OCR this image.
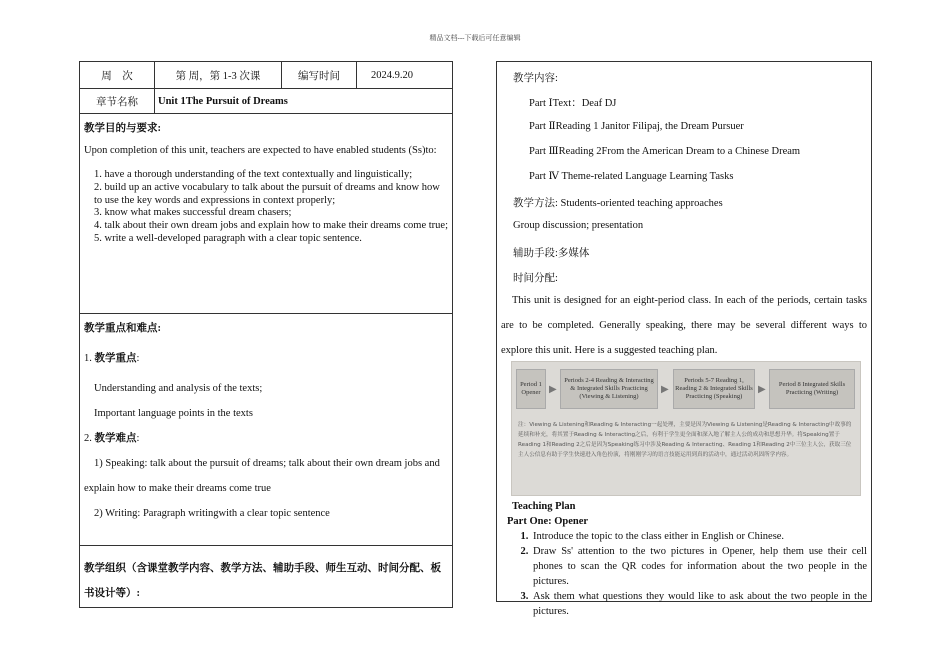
精品文档---下载后可任意编辑
周　次	第 周，第 1-3 次课	编写时间	2024.9.20
章节名称	Unit 1The Pursuit of Dreams
教学目的与要求:
Upon completion of this unit, teachers are expected to have enabled students (Ss)to:
1. have a thorough understanding of the text contextually and linguistically;
2. build up an active vocabulary to talk about the pursuit of dreams and know how to use the key words and expressions in context properly;
3. know what makes successful dream chasers;
4. talk about their own dream jobs and explain how to make their dreams come true;
5. write a well-developed paragraph with a clear topic sentence.
教学重点和难点:
1. 教学重点:
Understanding and analysis of the texts;
Important language points in the texts
2. 教学难点:
1) Speaking: talk about the pursuit of dreams; talk about their own dream jobs and explain how to make their dreams come true
2) Writing: Paragraph writingwith a clear topic sentence
教学组织（含课堂教学内容、教学方法、辅助手段、师生互动、时间分配、板书设计等）:
教学内容:
Part ⅠText：Deaf DJ
Part ⅡReading 1 Janitor Filipaj, the Dream Pursuer
Part ⅢReading 2From the American Dream to a Chinese Dream
Part Ⅳ Theme-related Language Learning Tasks
教学方法: Students-oriented teaching approaches
Group discussion; presentation
辅助手段:多媒体
时间分配:
This unit is designed for an eight-period class. In each of the periods, certain tasks are to be completed. Generally speaking, there may be several different ways to explore this unit. Here is a suggested teaching plan.
Period 1 Opener ▶
Periods 2-4 Reading & Interacting & Integrated Skills Practicing (Viewing & Listening)
▶
Periods 5-7 Reading 1, Reading 2 & Integrated Skills Practicing (Speaking)
▶	Period 8 Integrated Skills Practicing (Writing)
注：Viewing & Listening和Reading & Interacting一起处理，主要是因为Viewing & Listening是Reading & Interacting中故事的延续和补充，将其置于Reading & Interacting之后，有利于学生更全面和深入地了解主人公的成功和思想升华。将Speaking置于Reading 1和Reading 2之后是因为Speaking练习中涉及Reading & Interacting、Reading 1和Reading 2中三位主人公，获取三位主人公信息有助于学生快速进入角色扮演，将刚刚学习的语言技能运用到真的活动中，通过活动巩固所学内容。
Teaching Plan
Part One: Opener
1. Introduce the topic to the class either in English or Chinese.
2. Draw Ss' attention to the two pictures in Opener, help them use their cell phones to scan the QR codes for information about the two people in the pictures.
3. Ask them what questions they would like to ask about the two people in the pictures.
